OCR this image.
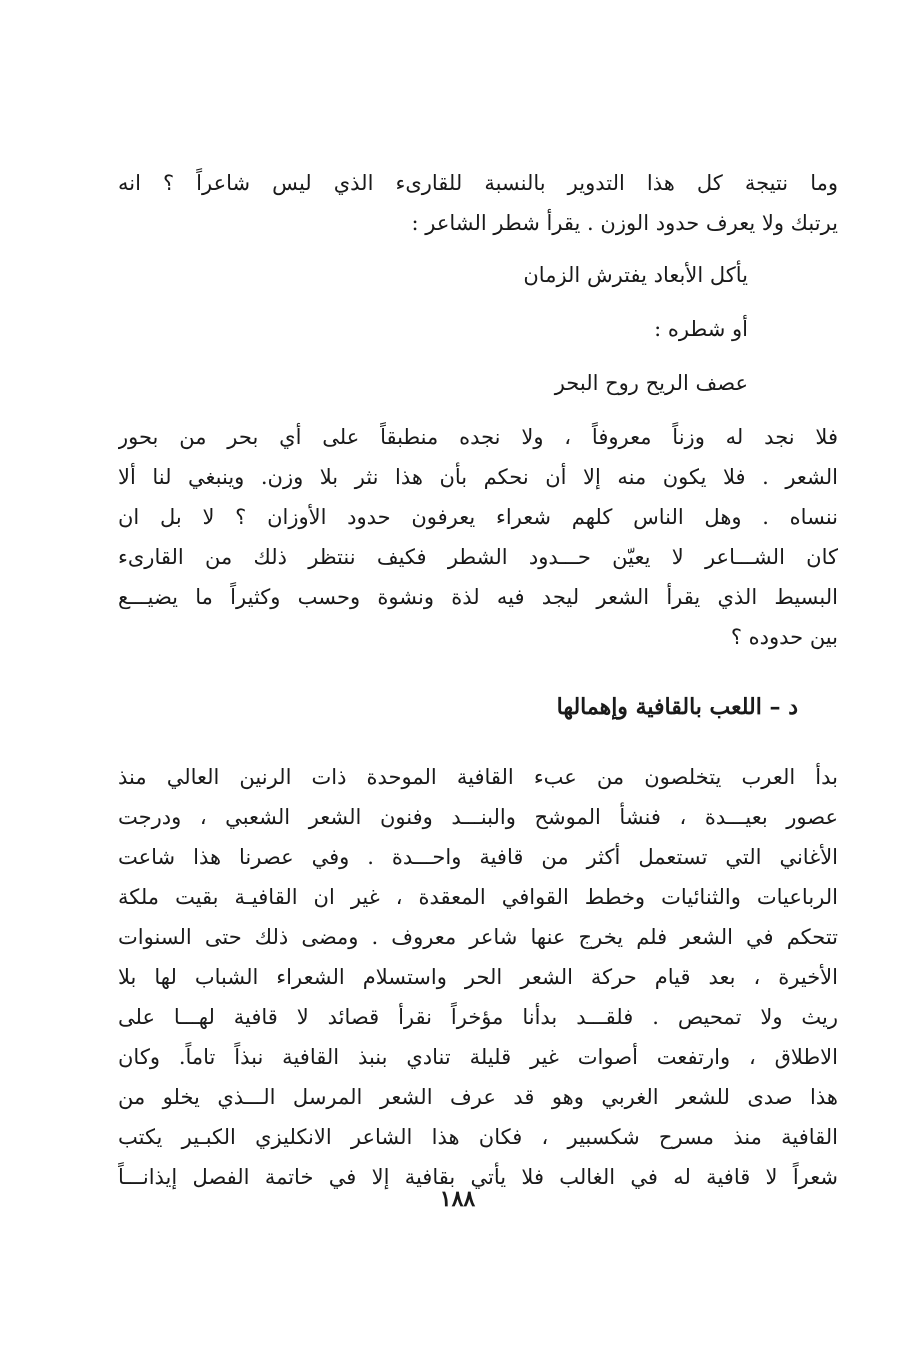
وما نتيجة كل هذا التدوير بالنسبة للقارىء الذي ليس شاعراً ؟ انه
يرتبك ولا يعرف حدود الوزن . يقرأ شطر الشاعر :
يأكل الأبعاد يفترش الزمان
أو شطره :
عصف الريح روح البحر
فلا نجد له وزناً معروفاً ، ولا نجده منطبقاً على أي بحر من بحور
الشعر . فلا يكون منه إلا أن نحكم بأن هذا نثر بلا وزن. وينبغي لنا ألا
ننساه . وهل الناس كلهم شعراء يعرفون حدود الأوزان ؟ لا بل ان
كان الشـــاعر لا يعيّن حـــدود الشطر فكيف ننتظر ذلك من القارىء
البسيط الذي يقرأ الشعر ليجد فيه لذة ونشوة وحسب وكثيراً ما يضيـــع
بين حدوده ؟
د – اللعب بالقافية وإهمالها
بدأ العرب يتخلصون من عبء القافية الموحدة ذات الرنين العالي منذ
عصور بعيـــدة ، فنشأ الموشح والبنـــد وفنون الشعر الشعبي ، ودرجت
الأغاني التي تستعمل أكثر من قافية واحـــدة . وفي عصرنا هذا شاعت
الرباعيات والثنائيات وخطط القوافي المعقدة ، غير ان القافيـة بقيت ملكة
تتحكم في الشعر فلم يخرج عنها شاعر معروف . ومضى ذلك حتى السنوات
الأخيرة ، بعد قيام حركة الشعر الحر واستسلام الشعراء الشباب لها بلا
ريث ولا تمحيص . فلقـــد بدأنا مؤخراً نقرأ قصائد لا قافية لهـــا على
الاطلاق ، وارتفعت أصوات غير قليلة تنادي بنبذ القافية نبذاً تاماً. وكان
هذا صدى للشعر الغربي وهو قد عرف الشعر المرسل الـــذي يخلو من
القافية منذ مسرح شكسبير ، فكان هذا الشاعر الانكليزي الكبـير يكتب
شعراً لا قافية له في الغالب فلا يأتي بقافية إلا في خاتمة الفصل إيذانـــاً
١٨٨
